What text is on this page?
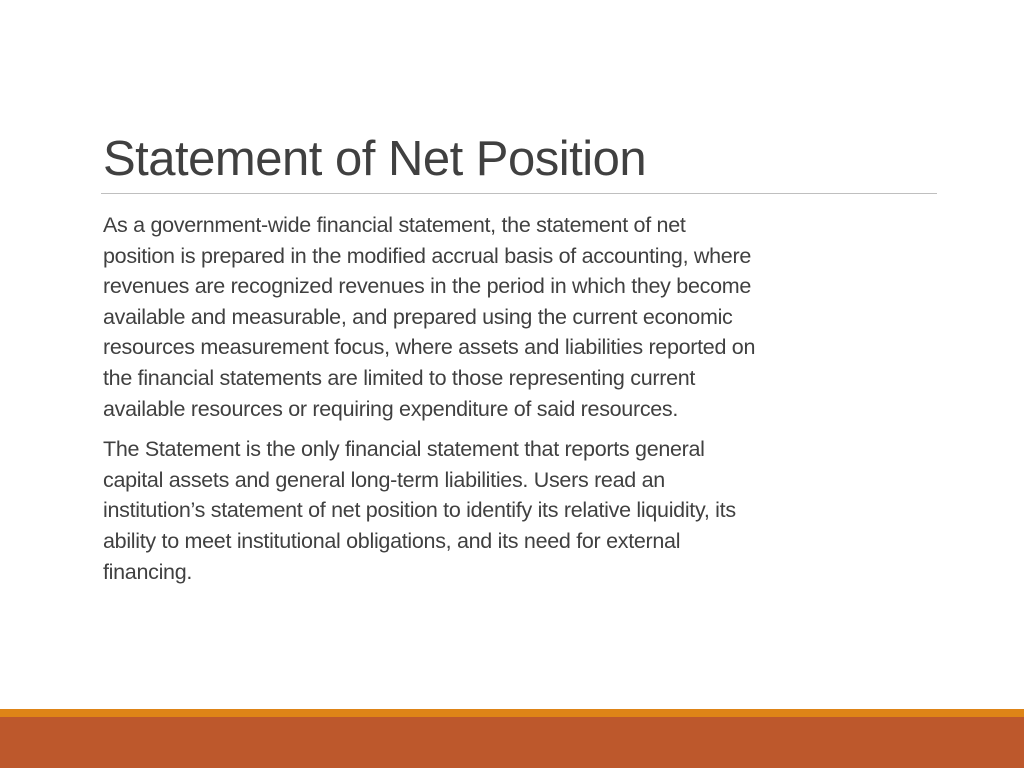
Statement of Net Position

As a government-wide financial statement, the statement of net
position is prepared in the modified accrual basis of accounting, where
revenues are recognized revenues in the period in which they become
available and measurable, and prepared using the current economic
resources measurement focus, where assets and liabilities reported on
the financial statements are limited to those representing current
available resources or requiring expenditure of said resources.

The Statement is the only financial statement that reports general
capital assets and general long-term liabilities. Users read an
institution’s statement of net position to identify its relative liquidity, its
ability to meet institutional obligations, and its need for external
financing.
